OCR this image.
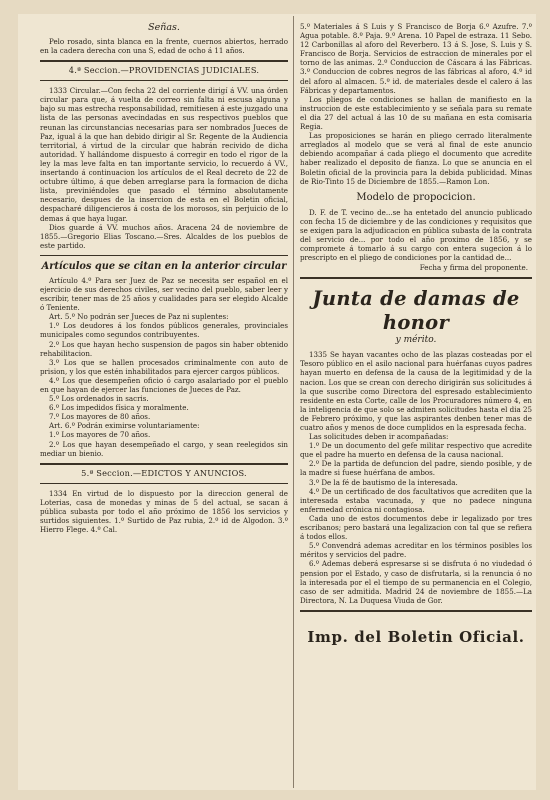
Señas.

Pelo rosado, sinta blanca en la frente, cuernos abiertos, herrado en la cadera derecha con una S, edad de ocho á 11 años.

4.ª Seccion.—PROVIDENCIAS JUDICIALES.

1333 Circular.—Con fecha 22 del corriente dirigí á VV. una órden circular para que, á vuelta de correo sin falta ni escusa alguna y bajo su mas estrecha responsabilidad, remitiesen á este juzgado una lista de las personas avecindadas en sus respectivos pueblos que reunan las circunstancias necesarias para ser nombrados Jueces de Paz, igual á la que han debido dirigir al Sr. Regente de la Audiencia territorial, á virtud de la circular que habrán recivido de dicha autoridad. Y hallándome dispuesto á corregir en todo el rigor de la ley la mas leve falta en tan importante servicio, lo recuerdo á VV., insertando á continuacion los artículos de el Real decreto de 22 de octubre último, á que deben arreglarse para la formacion de dicha lista, previniéndoles que pasado el término absolutamente necesario, despues de la insercion de esta en el Boletin oficial, despacharé diligencieros á costa de los morosos, sin perjuicio de lo demas á que haya lugar.

Dios guarde á VV. muchos años. Aracena 24 de noviembre de 1855.—Gregorio Elias Toscano.—Sres. Alcaldes de los pueblos de este partido.

Artículos que se citan en la anterior circular

Artículo 4.º Para ser Juez de Paz se necesita ser español en el ejercicio de sus derechos civiles, ser vecino del pueblo, saber leer y escribir, tener mas de 25 años y cualidades para ser elegido Alcalde ó Teniente.

Art. 5.º No podrán ser Jueces de Paz ni suplentes:

1.º Los deudores á los fondos públicos generales, provinciales municipales como segundos contribuyentes.

2.º Los que hayan hecho suspension de pagos sin haber obtenido rehabilitacion.

3.º Los que se hallen procesados criminalmente con auto de prision, y los que estén inhabilitados para ejercer cargos públicos.

4.º Los que desempeñen oficio ó cargo asalariado por el pueblo en que hayan de ejercer las funciones de Jueces de Paz.

5.º Los ordenados in sacris.

6.º Los impedidos física y moralmente.

7.º Los mayores de 80 años.

Art. 6.º Podrán eximirse voluntariamente:

1.º Los mayores de 70 años.

2.º Los que hayan desempeñado el cargo, y sean reelegidos sin mediar un bienio.

5.ª Seccion.—EDICTOS Y ANUNCIOS.

1334 En virtud de lo dispuesto por la direccion general de Loterias, casa de monedas y minas de 5 del actual, se sacan á pública subasta por todo el año próximo de 1856 los servicios y surtidos siguientes. 1.º Surtido de Paz rubia, 2.º id de Algodon. 3.º Hierro Flege. 4.º Cal.

5.º Materiales á S Luis y S Francisco de Borja 6.º Azufre. 7.º Agua potable. 8.º Paja. 9.º Arena. 10 Papel de estraza. 11 Sebo. 12 Carbonillas al aforo del Reverbero. 13 á S. Jose, S. Luis y S. Francisco de Borja. Servicios de estraccion de minerales por el torno de las animas. 2.º Conduccion de Cáscara á las Fábricas. 3.º Conduccion de cobres negros de las fábricas al aforo, 4.º id del aforo al almacen. 5.º id. de materiales desde el calero á las Fábricas y departamentos.

Los pliegos de condiciones se hallan de manifiesto en la instruccion de este establecimiento y se señala para su remate el dia 27 del actual á las 10 de su mañana en esta comisaria Regia.

Las proposiciones se harán en pliego cerrado literalmente arreglados al modelo que se verá al final de este anuncio debiendo acompañar á cada pliego el documento que acredite haber realizado el deposito de fianza. Lo que se anuncia en el Boletin oficial de la provincia para la debida publicidad. Minas de Rio-Tinto 15 de Diciembre de 1855.—Ramon Lon.

Modelo de propocicion.

D. F. de T. vecino de...se ha entetado del anuncio publicado con fecha 15 de diciembre y de las condiciones y requisitos que se exigen para la adjudicacion en pública subasta de la contrata del servicio de... por todo el año proximo de 1856, y se compromete á tomarlo á su cargo con entera sugecion á lo prescripto en el pliego de condiciones por la cantidad de...

Fecha y firma del proponente.
Junta de damas de honor
y mérito.

1335 Se hayan vacantes ocho de las plazas costeadas por el Tesoro público en el asilo nacional para huérfanas cuyos padres hayan muerto en defensa de la causa de la legitimidad y de la nacion. Los que se crean con derecho dirigirán sus solicitudes á la que suscribe como Directora del espresado establecimiento residente en esta Corte, calle de los Procuradores número 4, en la inteligencia de que solo se admiten solicitudes hasta el dia 25 de Febrero próximo, y que las aspirantes denben tener mas de cuatro años y menos de doce cumplidos en la espresada fecha.

Las solicitudes deben ir acompañadas:

1.º De un documento del gefe militar respectivo que acredite que el padre ha muerto en defensa de la causa nacional.

2.º De la partida de defuncion del padre, siendo posible, y de la madre si fuese huérfana de ambos.

3.º De la fé de bautismo de la interesada.

4.º De un certificado de dos facultativos que acrediten que la interesada estaba vacunada, y que no padece ninguna enfermedad crónica ni contagiosa.

Cada uno de estos documentos debe ir legalizado por tres escribanos; pero bastará una legalizacion con tal que se refiera á todos ellos.

5.º Convendrá ademas acreditar en los términos posibles los méritos y servicios del padre.

6.º Ademas deberá espresarse si se disfruta ó no viudedad ó pension por el Estado, y caso de disfrutarla, si la renuncia ó no la interesada por el el tiempo de su permanencia en el Colegio, caso de ser admitida. Madrid 24 de noviembre de 1855.—La Directora, N. La Duquesa Viuda de Gor.

Imp. del Boletin Oficial.
